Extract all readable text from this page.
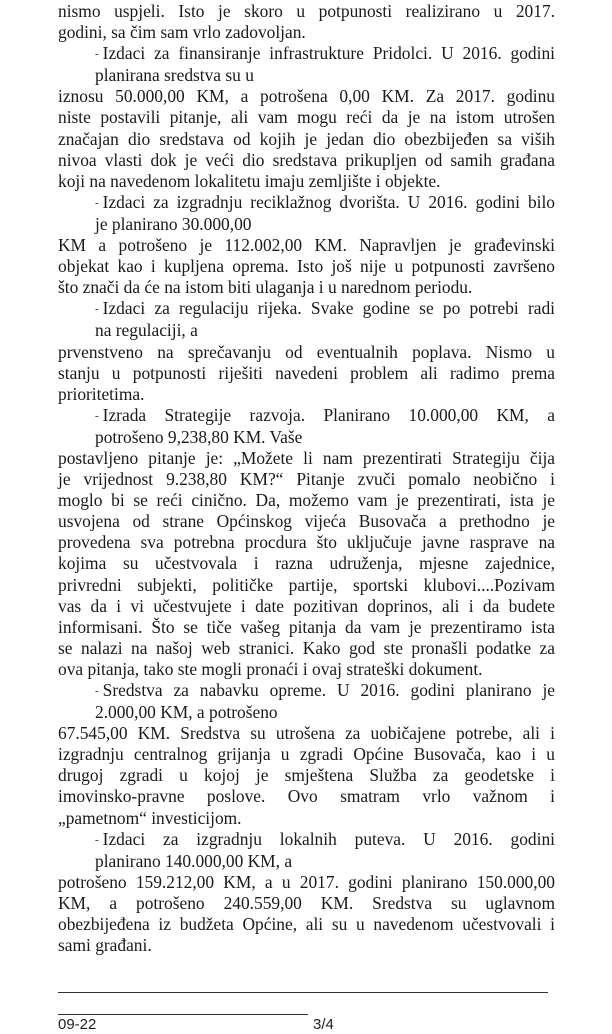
nismo uspjeli. Isto je skoro u potpunosti realizirano u 2017.
godini, sa čim sam vrlo zadovoljan.
- Izdaci za finansiranje infrastrukture Pridolci. U 2016. godini
planirana sredstva su u
iznosu 50.000,00 KM, a potrošena 0,00 KM. Za 2017. godinu
niste postavili pitanje, ali vam mogu reći da je na istom utrošen
značajan dio sredstava od kojih je jedan dio obezbijeđen sa viših
nivoa vlasti dok je veći dio sredstava prikupljen od samih građana
koji na navedenom lokalitetu imaju zemljište i objekte.
- Izdaci za izgradnju reciklažnog dvorišta. U 2016. godini bilo
je planirano 30.000,00
KM a potrošeno je 112.002,00 KM. Napravljen je građevinski
objekat kao i kupljena oprema. Isto još nije u potpunosti završeno
što znači da će na istom biti ulaganja i u narednom periodu.
- Izdaci za regulaciju rijeka. Svake godine se po potrebi radi
na regulaciji, a
prvenstveno na sprečavanju od eventualnih poplava. Nismo u
stanju u potpunosti riješiti navedeni problem ali radimo prema
prioritetima.
- Izrada Strategije razvoja. Planirano 10.000,00 KM, a
potrošeno 9,238,80 KM. Vaše
postavljeno pitanje je: „Možete li nam prezentirati Strategiju čija
je vrijednost 9.238,80 KM?“ Pitanje zvuči pomalo neobično i
moglo bi se reći cinično. Da, možemo vam je prezentirati, ista je
usvojena od strane Općinskog vijeća Busovača a prethodno je
provedena sva potrebna procdura što uključuje javne rasprave na
kojima su učestvovala i razna udruženja, mjesne zajednice,
privredni subjekti, političke partije, sportski klubovi....Pozivam
vas da i vi učestvujete i date pozitivan doprinos, ali i da budete
informisani. Što se tiče vašeg pitanja da vam je prezentiramo ista
se nalazi na našoj web stranici. Kako god ste pronašli podatke za
ova pitanja, tako ste mogli pronaći i ovaj strateški dokument.
- Sredstva za nabavku opreme. U 2016. godini planirano je
2.000,00 KM, a potrošeno
67.545,00 KM. Sredstva su utrošena za uobičajene potrebe, ali i
izgradnju centralnog grijanja u zgradi Općine Busovača, kao i u
drugoj zgradi u kojoj je smještena Služba za geodetske i
imovinsko-pravne poslove. Ovo smatram vrlo važnom i
„pametnom“ investicijom.
- Izdaci za izgradnju lokalnih puteva. U 2016. godini
planirano 140.000,00 KM, a
potrošeno 159.212,00 KM, a u 2017. godini planirano 150.000,00
KM, a potrošeno 240.559,00 KM. Sredstva su uglavnom
obezbijeđena iz budžeta Općine, ali su u navedenom učestvovali i
sami građani.
09-22	3/4
